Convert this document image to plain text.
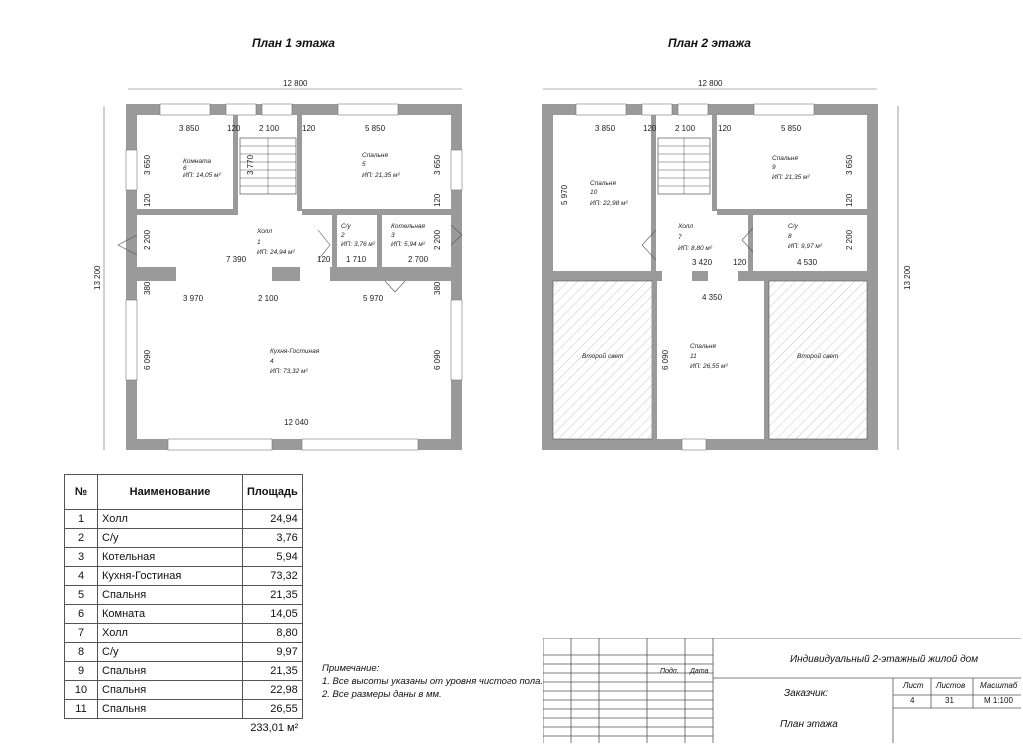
План 1 этажа	План 2 этажа
12 800
13 200
3 850	120 2 100	120	5 850
3 650	3 770	3 650
120	120
2 200
7 390	120 1 710	2 700
2 200
380
3 970	2 100	5 970
380
6 090	6 090
12 040
Комната
6
ИП: 14,05 м²
Спальня
5
ИП: 21,35 м²
Холл
1
ИП: 24,94 м²
С/у
2
ИП: 3,76 м²
Котельная
3
ИП: 5,94 м²
Кухня-Гостиная
4
ИП: 73,32 м²
12 800
13 200
3 850	120 2 100	120	5 850
5 970
3 650
120
2 200
3 420	120	4 530
4 350
6 090
Спальня
10
ИП: 22,98 м²
Спальня
9
ИП: 21,35 м²
Холл
7
ИП: 8,80 м²
С/у
8
ИП: 9,97 м²
Спальня
11
ИП: 26,55 м²
Второй свет	Второй свет
№	Наименование	Площадь
1	Холл	24,94
2	С/у	3,76
3	Котельная	5,94
4	Кухня-Гостиная	73,32
5	Спальня	21,35
6	Комната	14,05
7	Холл	8,80
8	С/у	9,97
9	Спальня	21,35
10	Спальня	22,98
11	Спальня	26,55
		233,01 м²
Примечание:
1. Все высоты указаны от уровня чистого пола.
2. Все размеры даны в мм.
Подп. Дата
Индивидуальный 2-этажный жилой дом
Заказчик:
План этажа
Лист Листов Масштаб
4	31	М 1:100
